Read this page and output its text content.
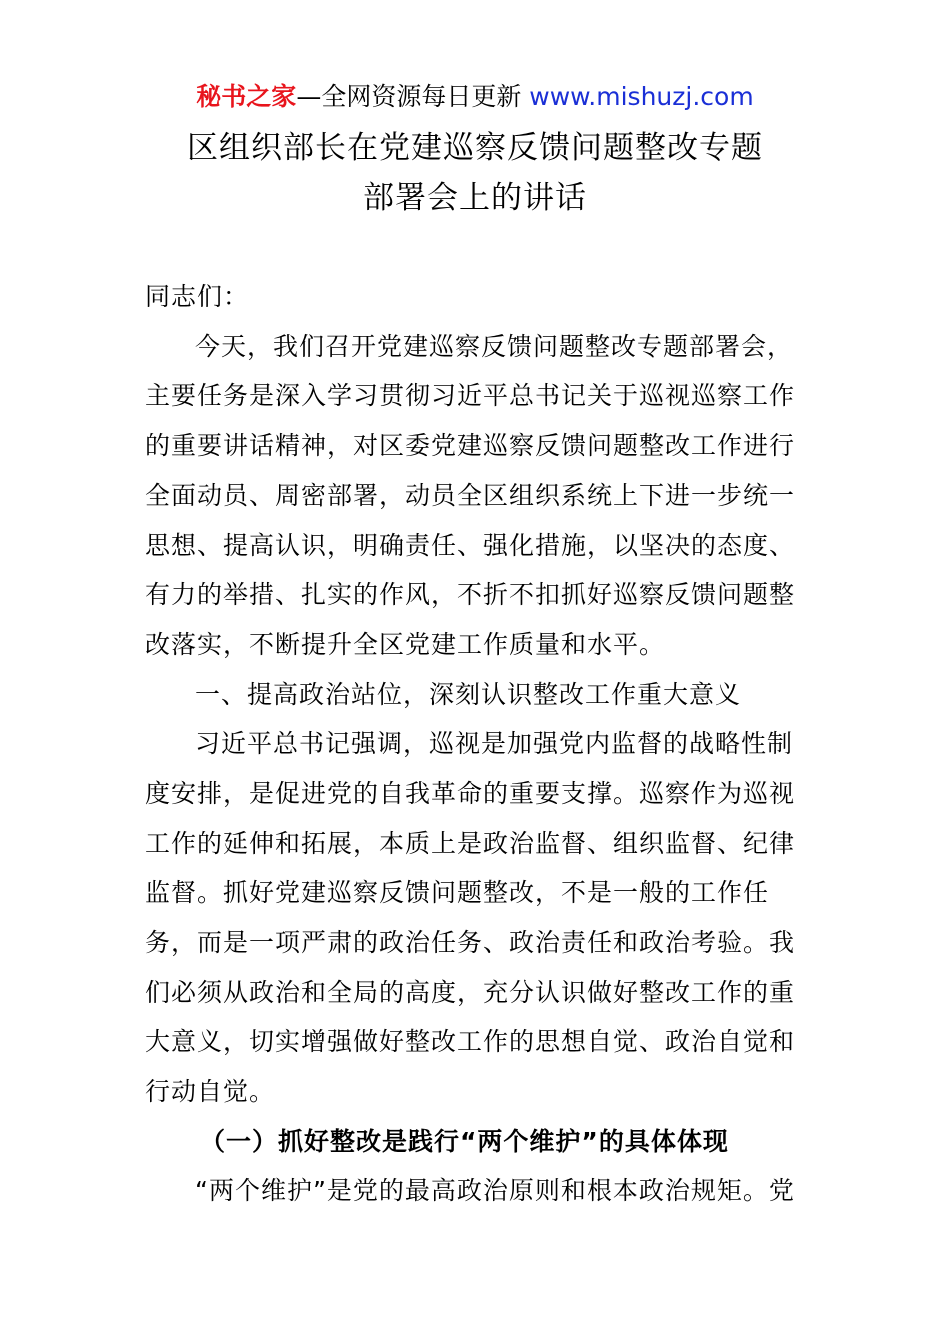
秘书之家—全网资源每日更新 www.mishuzj.com
区组织部长在党建巡察反馈问题整改专题
部署会上的讲话
同志们：
今天，我们召开党建巡察反馈问题整改专题部署会，
主要任务是深入学习贯彻习近平总书记关于巡视巡察工作
的重要讲话精神，对区委党建巡察反馈问题整改工作进行
全面动员、周密部署，动员全区组织系统上下进一步统一
思想、提高认识，明确责任、强化措施，以坚决的态度、
有力的举措、扎实的作风，不折不扣抓好巡察反馈问题整
改落实，不断提升全区党建工作质量和水平。
一、提高政治站位，深刻认识整改工作重大意义
习近平总书记强调，巡视是加强党内监督的战略性制
度安排，是促进党的自我革命的重要支撑。巡察作为巡视
工作的延伸和拓展，本质上是政治监督、组织监督、纪律
监督。抓好党建巡察反馈问题整改，不是一般的工作任
务，而是一项严肃的政治任务、政治责任和政治考验。我
们必须从政治和全局的高度，充分认识做好整改工作的重
大意义，切实增强做好整改工作的思想自觉、政治自觉和
行动自觉。
（一）抓好整改是践行“两个维护”的具体体现
“两个维护”是党的最高政治原则和根本政治规矩。党
